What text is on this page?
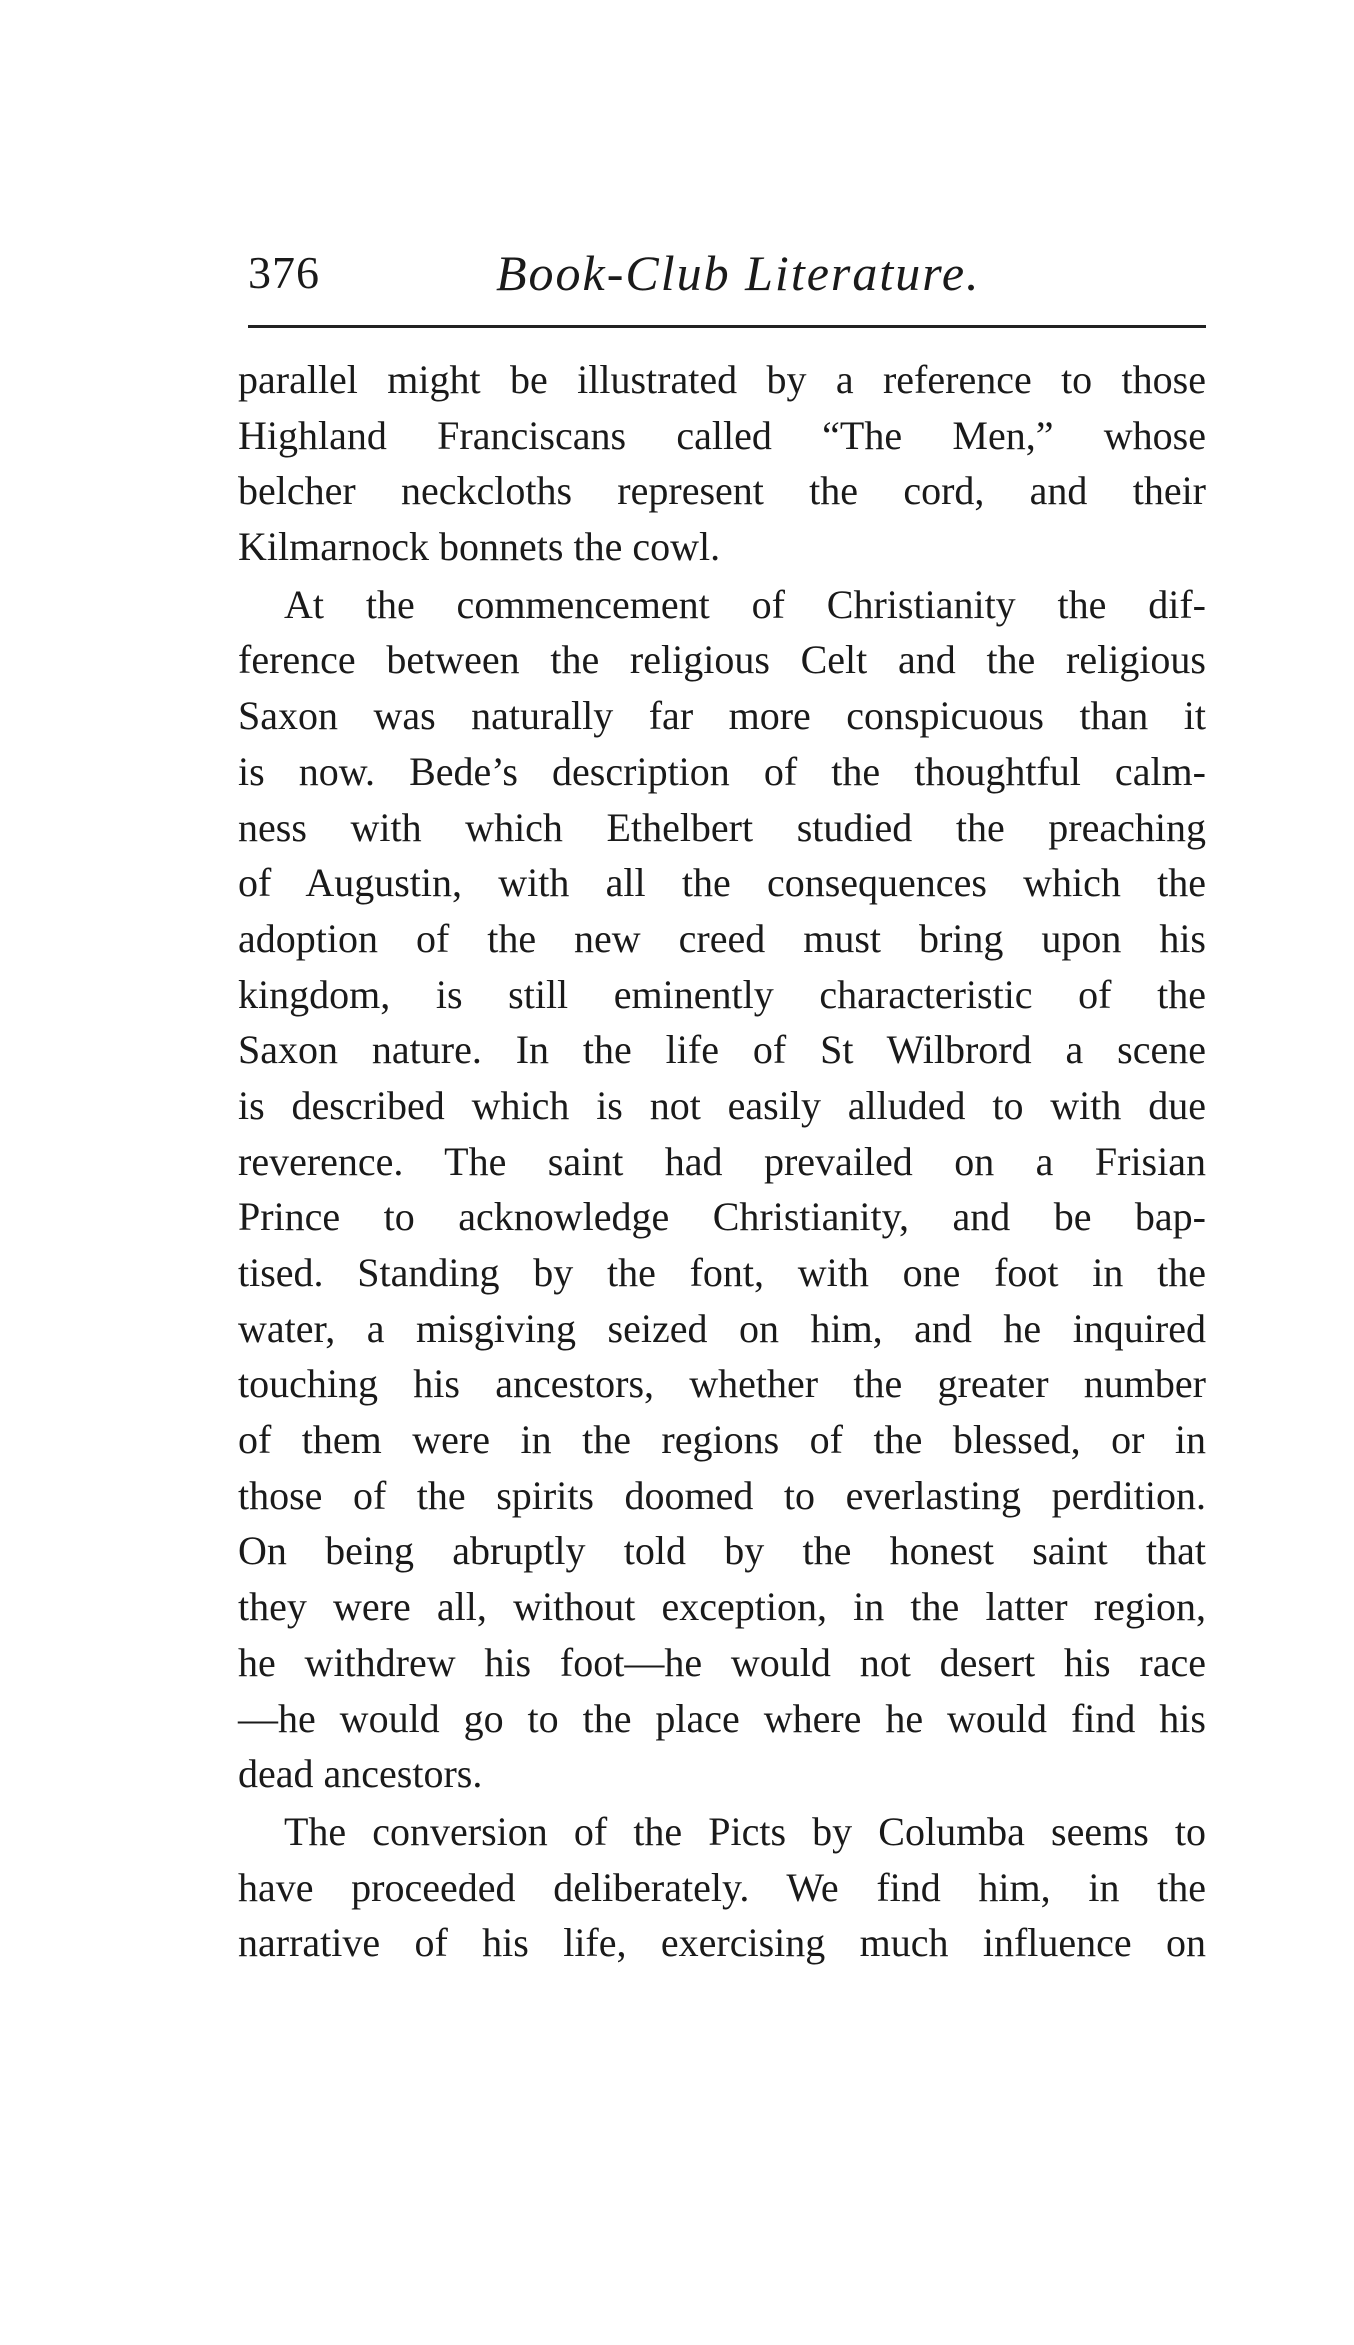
376	Book-Club Literature.
parallel might be illustrated by a reference to those
Highland Franciscans called “The Men,” whose
belcher neckcloths represent the cord, and their
Kilmarnock bonnets the cowl.
At the commencement of Christianity the dif-
ference between the religious Celt and the religious
Saxon was naturally far more conspicuous than it
is now. Bede’s description of the thoughtful calm-
ness with which Ethelbert studied the preaching
of Augustin, with all the consequences which the
adoption of the new creed must bring upon his
kingdom, is still eminently characteristic of the
Saxon nature. In the life of St Wilbrord a scene
is described which is not easily alluded to with due
reverence. The saint had prevailed on a Frisian
Prince to acknowledge Christianity, and be bap-
tised. Standing by the font, with one foot in the
water, a misgiving seized on him, and he inquired
touching his ancestors, whether the greater number
of them were in the regions of the blessed, or in
those of the spirits doomed to everlasting perdition.
On being abruptly told by the honest saint that
they were all, without exception, in the latter region,
he withdrew his foot—he would not desert his race
—he would go to the place where he would find his
dead ancestors.
The conversion of the Picts by Columba seems to
have proceeded deliberately. We find him, in the
narrative of his life, exercising much influence on
